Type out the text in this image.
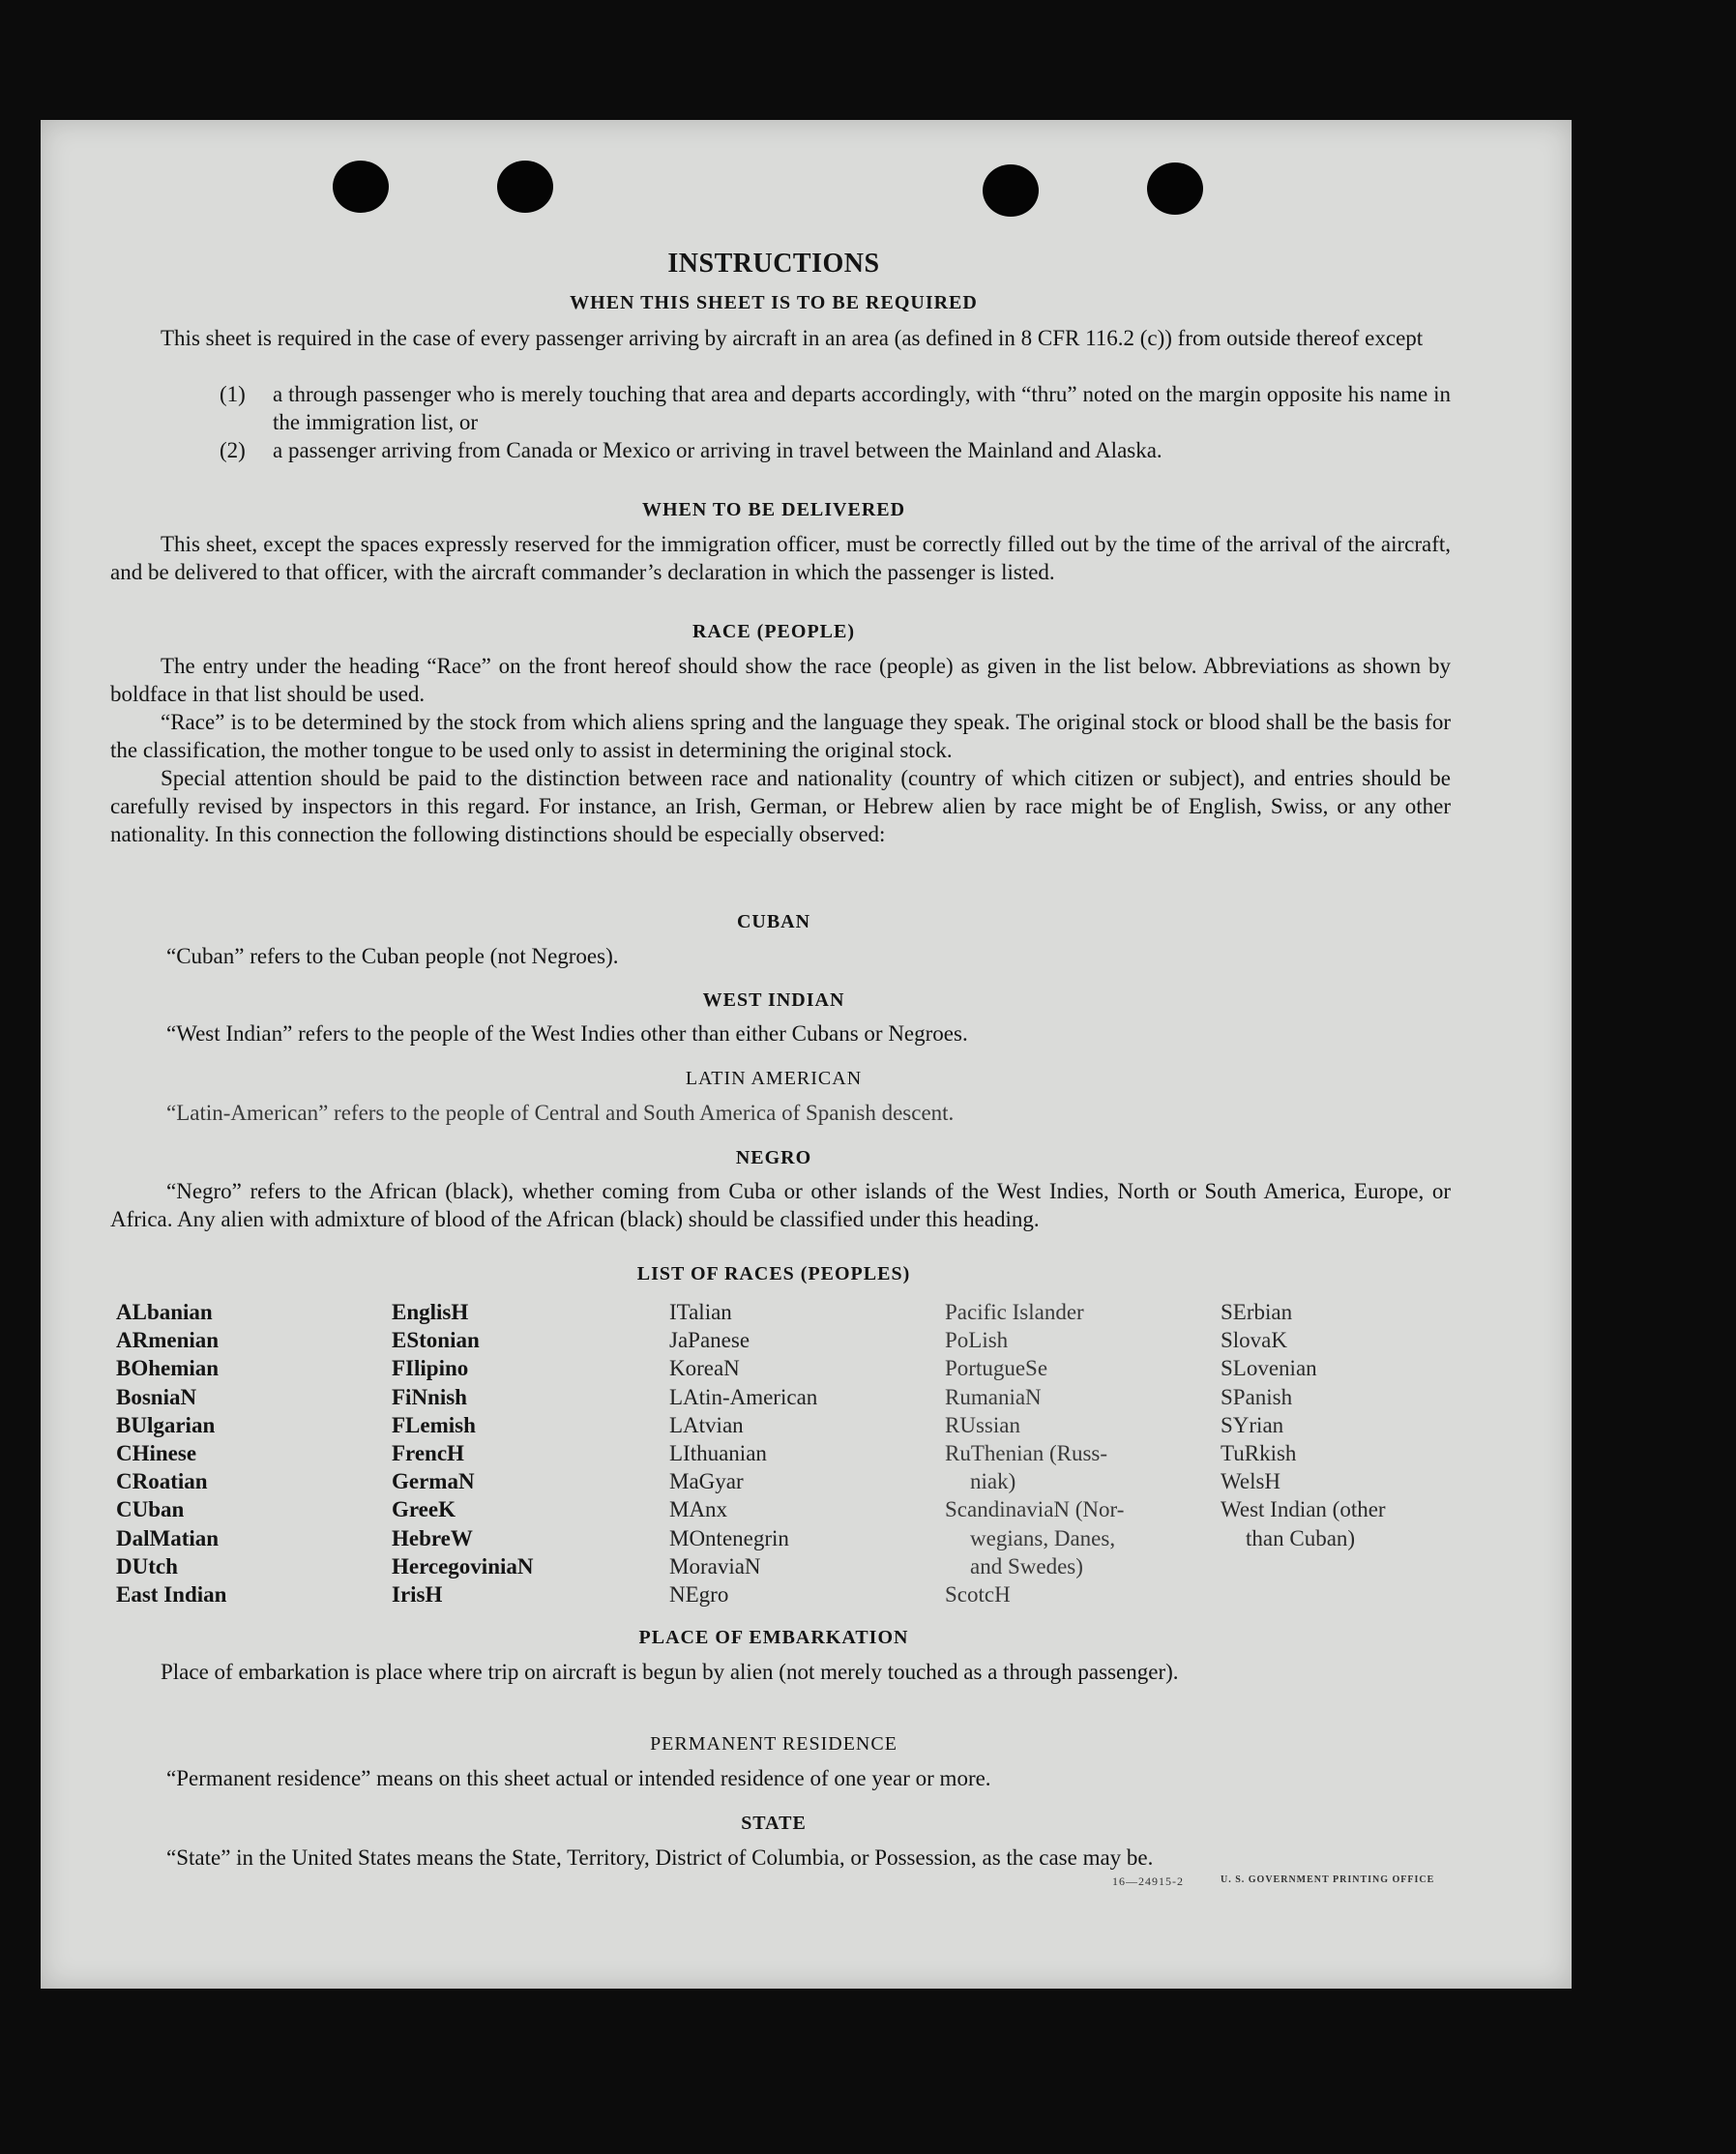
INSTRUCTIONS
WHEN THIS SHEET IS TO BE REQUIRED

This sheet is required in the case of every passenger arriving by aircraft in an area (as defined in 8 CFR 116.2 (c)) from outside thereof except

(1) a through passenger who is merely touching that area and departs accordingly, with “thru” noted on the margin opposite his name in the immigration list, or
(2) a passenger arriving from Canada or Mexico or arriving in travel between the Mainland and Alaska.
WHEN TO BE DELIVERED

This sheet, except the spaces expressly reserved for the immigration officer, must be correctly filled out by the time of the arrival of the aircraft, and be delivered to that officer, with the aircraft commander’s declaration in which the passenger is listed.

RACE (PEOPLE)

The entry under the heading “Race” on the front hereof should show the race (people) as given in the list below. Abbreviations as shown by boldface in that list should be used.

“Race” is to be determined by the stock from which aliens spring and the language they speak. The original stock or blood shall be the basis for the classification, the mother tongue to be used only to assist in determining the original stock.

Special attention should be paid to the distinction between race and nationality (country of which citizen or subject), and entries should be carefully revised by inspectors in this regard. For instance, an Irish, German, or Hebrew alien by race might be of English, Swiss, or any other nationality. In this connection the following distinctions should be especially observed:

CUBAN

“Cuban” refers to the Cuban people (not Negroes).

WEST INDIAN

“West Indian” refers to the people of the West Indies other than either Cubans or Negroes.

LATIN AMERICAN

“Latin-American” refers to the people of Central and South America of Spanish descent.

NEGRO

“Negro” refers to the African (black), whether coming from Cuba or other islands of the West Indies, North or South America, Europe, or Africa. Any alien with admixture of blood of the African (black) should be classified under this heading.

LIST OF RACES (PEOPLES)
ALbanian
ARmenian
BOhemian
BosniaN
BUlgarian
CHinese
CRoatian
CUban
DalMatian
DUtch
East Indian
EnglisH
EStonian
FIlipino
FiNnish
FLemish
FrencH
GermaN
GreeK
HebreW
HercegoviniaN
IrisH
ITalian
JaPanese
KoreaN
LAtin-American
LAtvian
LIthuanian
MaGyar
MAnx
MOntenegrin
MoraviaN
NEgro
Pacific Islander
PoLish
PortugueSe
RumaniaN
RUssian
RuThenian (Russ-
niak)
ScandinaviaN (Nor-
wegians, Danes,
and Swedes)
ScotcH
SErbian
SlovaK
SLovenian
SPanish
SYrian
TuRkish
WelsH
West Indian (other
than Cuban)
PLACE OF EMBARKATION

Place of embarkation is place where trip on aircraft is begun by alien (not merely touched as a through passenger).

PERMANENT RESIDENCE

“Permanent residence” means on this sheet actual or intended residence of one year or more.

STATE

“State” in the United States means the State, Territory, District of Columbia, or Possession, as the case may be.

16—24915-2	U. S. GOVERNMENT PRINTING OFFICE
